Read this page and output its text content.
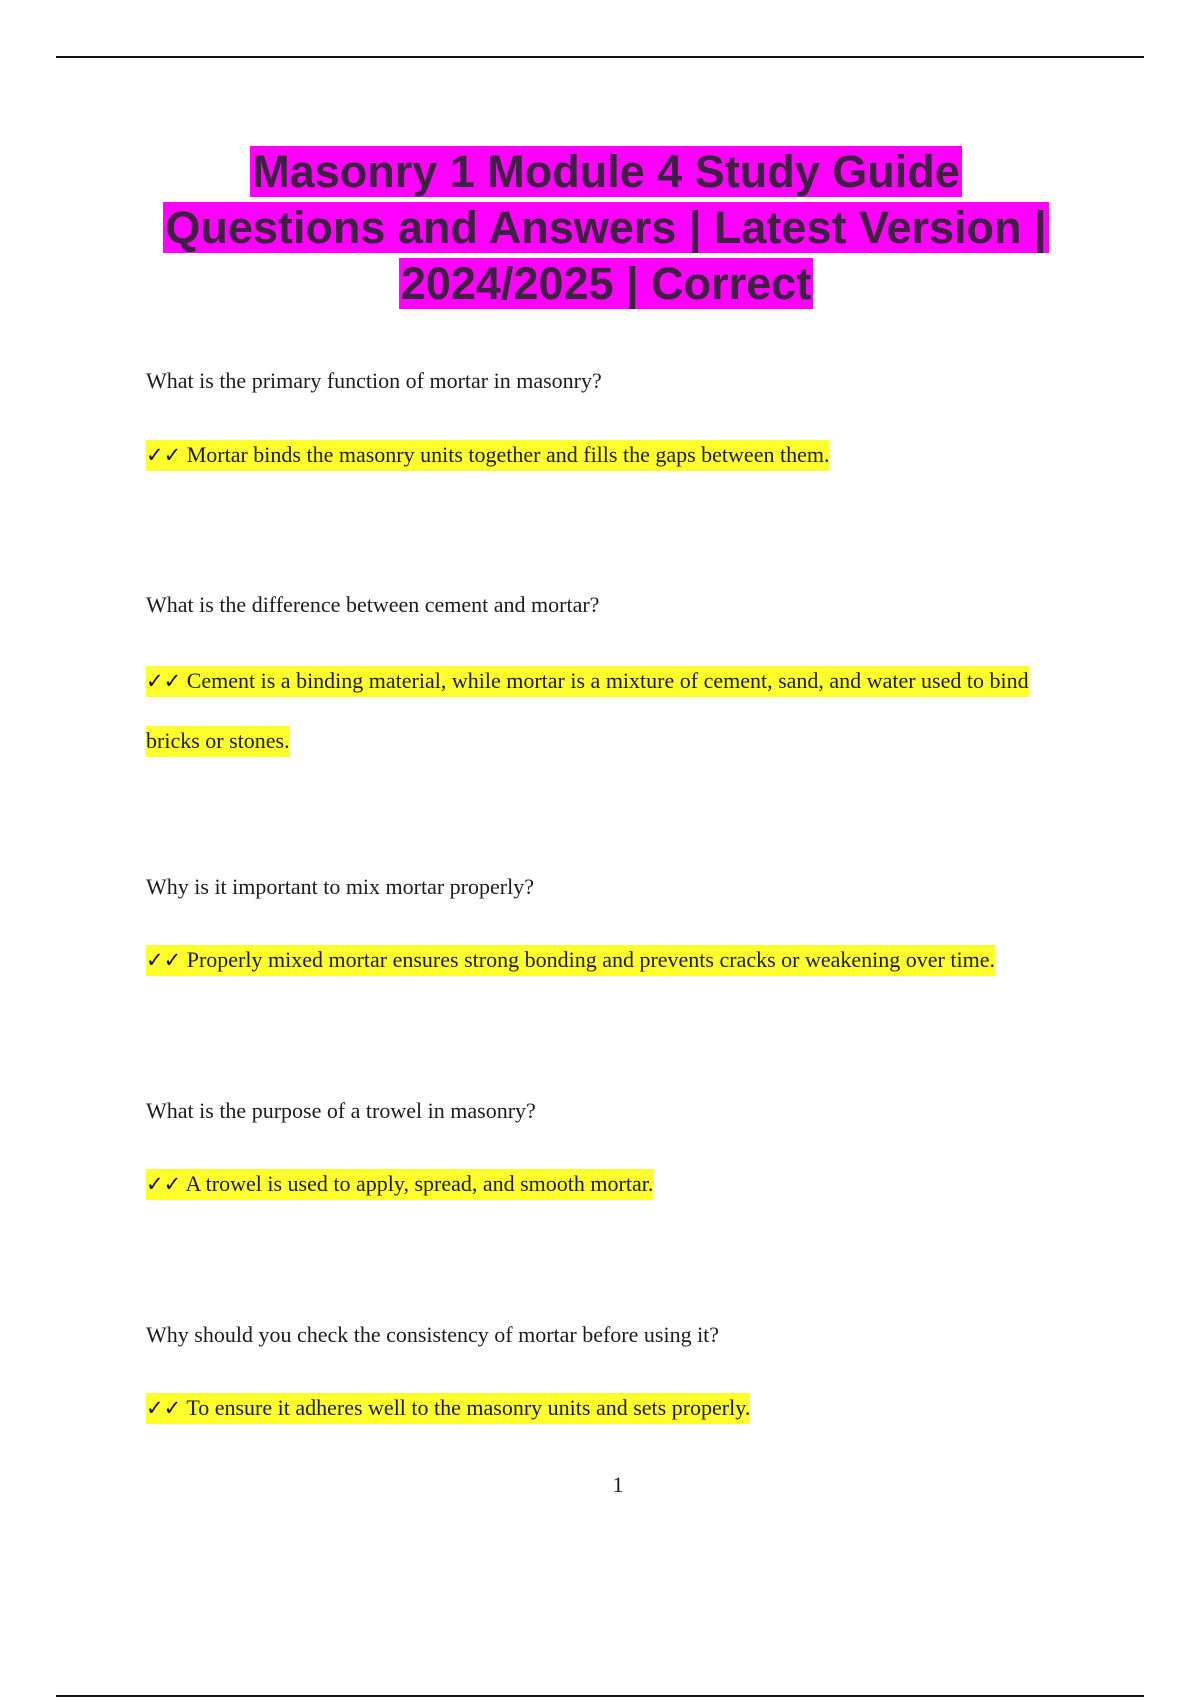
Masonry 1 Module 4 Study Guide Questions and Answers | Latest Version | 2024/2025 | Correct

What is the primary function of mortar in masonry?

✓✓ Mortar binds the masonry units together and fills the gaps between them.

What is the difference between cement and mortar?

✓✓ Cement is a binding material, while mortar is a mixture of cement, sand, and water used to bind bricks or stones.

Why is it important to mix mortar properly?

✓✓ Properly mixed mortar ensures strong bonding and prevents cracks or weakening over time.

What is the purpose of a trowel in masonry?

✓✓ A trowel is used to apply, spread, and smooth mortar.

Why should you check the consistency of mortar before using it?

✓✓ To ensure it adheres well to the masonry units and sets properly.

1
